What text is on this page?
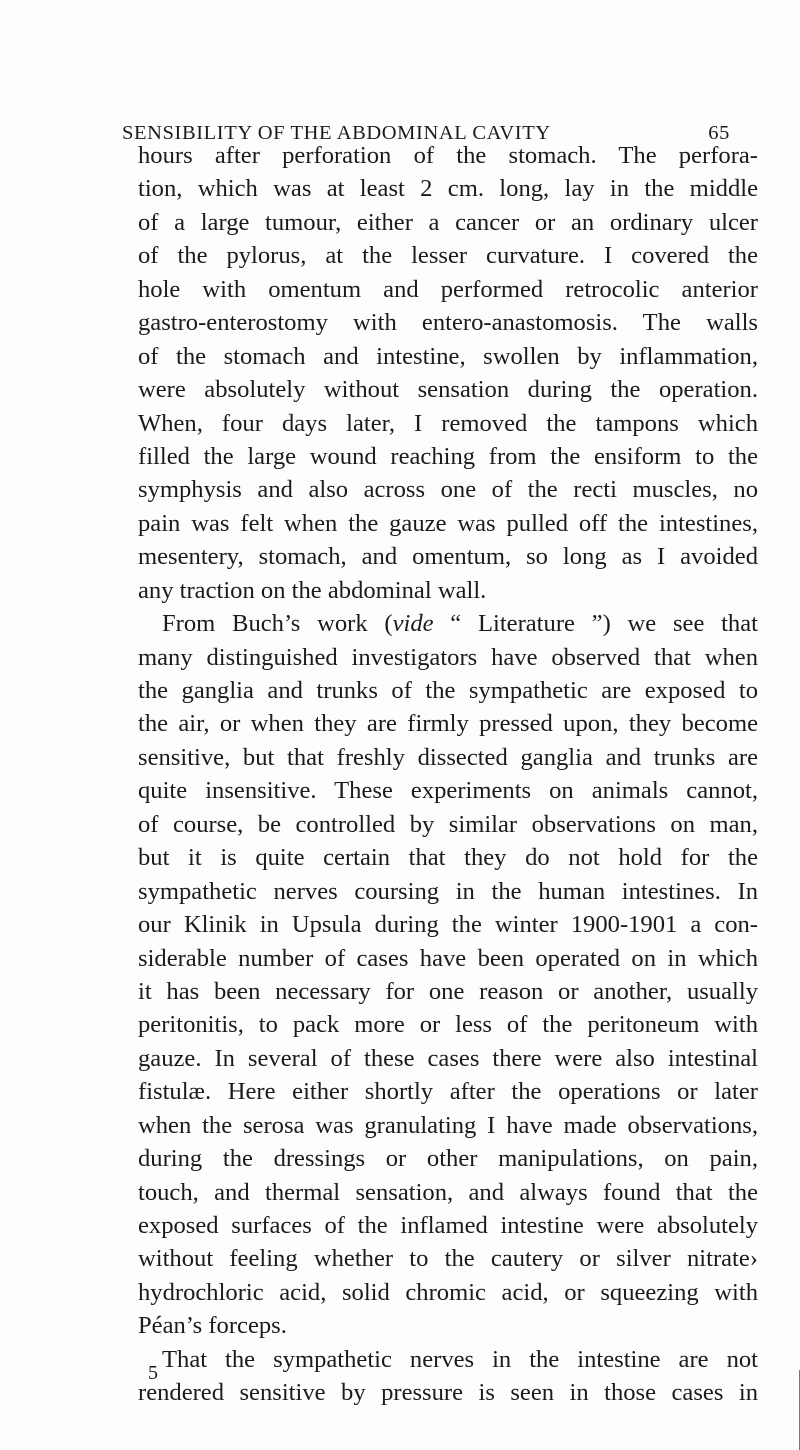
SENSIBILITY OF THE ABDOMINAL CAVITY	65
hours after perforation of the stomach. The perfora-
tion, which was at least 2 cm. long, lay in the middle
of a large tumour, either a cancer or an ordinary ulcer
of the pylorus, at the lesser curvature. I covered the
hole with omentum and performed retrocolic anterior
gastro-enterostomy with entero-anastomosis. The walls
of the stomach and intestine, swollen by inflammation,
were absolutely without sensation during the operation.
When, four days later, I removed the tampons which
filled the large wound reaching from the ensiform to the
symphysis and also across one of the recti muscles, no
pain was felt when the gauze was pulled off the intestines,
mesentery, stomach, and omentum, so long as I avoided
any traction on the abdominal wall.
From Buch’s work (vide “ Literature ”) we see that
many distinguished investigators have observed that when
the ganglia and trunks of the sympathetic are exposed to
the air, or when they are firmly pressed upon, they become
sensitive, but that freshly dissected ganglia and trunks are
quite insensitive. These experiments on animals cannot,
of course, be controlled by similar observations on man,
but it is quite certain that they do not hold for the
sympathetic nerves coursing in the human intestines. In
our Klinik in Upsula during the winter 1900-1901 a con-
siderable number of cases have been operated on in which
it has been necessary for one reason or another, usually
peritonitis, to pack more or less of the peritoneum with
gauze. In several of these cases there were also intestinal
fistulæ. Here either shortly after the operations or later
when the serosa was granulating I have made observations,
during the dressings or other manipulations, on pain,
touch, and thermal sensation, and always found that the
exposed surfaces of the inflamed intestine were absolutely
without feeling whether to the cautery or silver nitrate›
hydrochloric acid, solid chromic acid, or squeezing with
Péan’s forceps.
That the sympathetic nerves in the intestine are not
rendered sensitive by pressure is seen in those cases in
5
